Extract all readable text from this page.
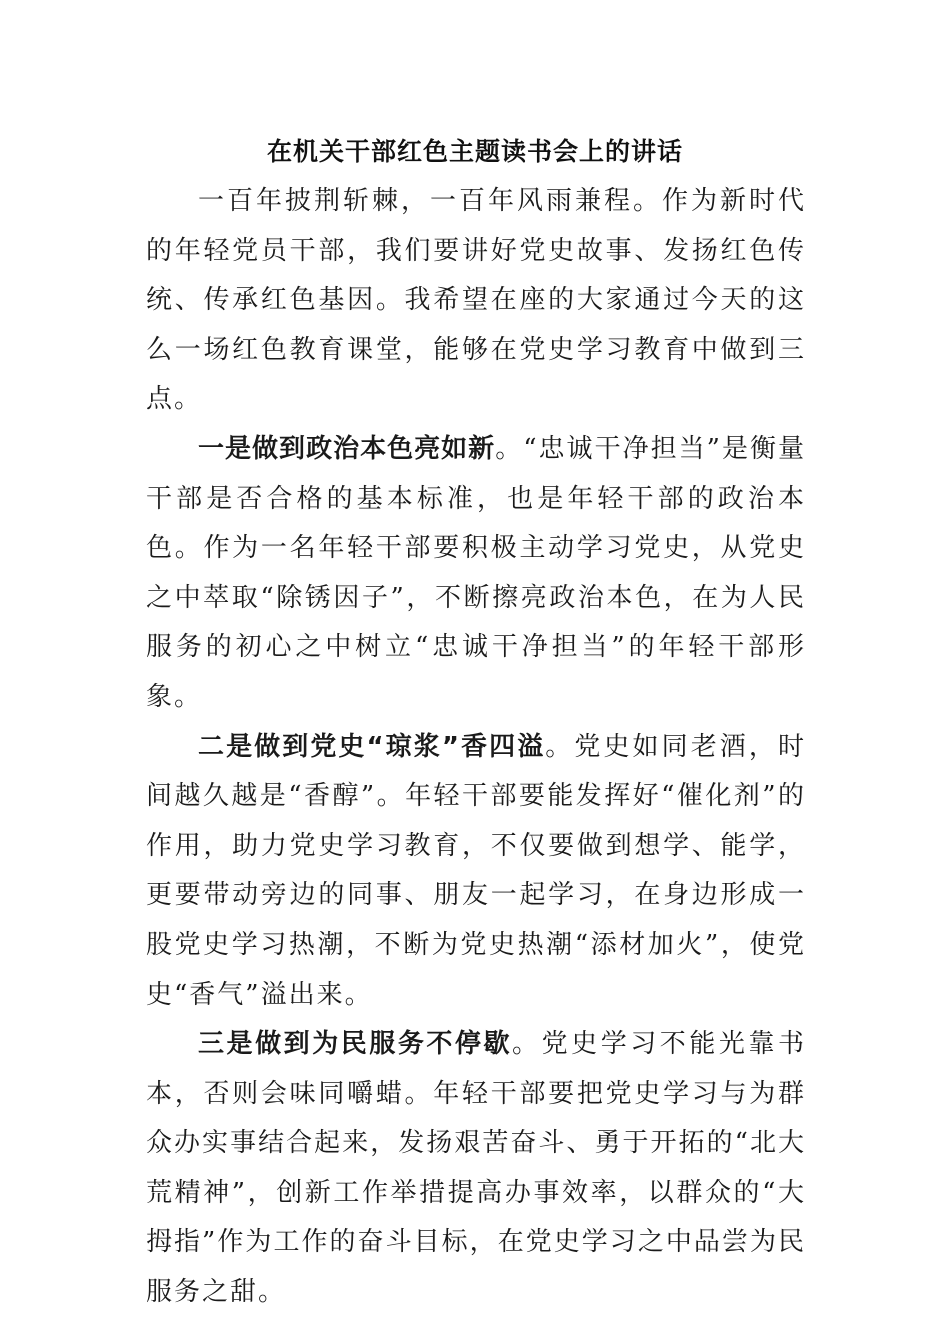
在机关干部红色主题读书会上的讲话

一百年披荆斩棘，一百年风雨兼程。作为新时代的年轻党员干部，我们要讲好党史故事、发扬红色传统、传承红色基因。我希望在座的大家通过今天的这么一场红色教育课堂，能够在党史学习教育中做到三点。

一是做到政治本色亮如新。“忠诚干净担当”是衡量干部是否合格的基本标准，也是年轻干部的政治本色。作为一名年轻干部要积极主动学习党史，从党史之中萃取“除锈因子”，不断擦亮政治本色，在为人民服务的初心之中树立“忠诚干净担当”的年轻干部形象。

二是做到党史“琼浆”香四溢。党史如同老酒，时间越久越是“香醇”。年轻干部要能发挥好“催化剂”的作用，助力党史学习教育，不仅要做到想学、能学，更要带动旁边的同事、朋友一起学习，在身边形成一股党史学习热潮，不断为党史热潮“添材加火”，使党史“香气”溢出来。

三是做到为民服务不停歇。党史学习不能光靠书本，否则会味同嚼蜡。年轻干部要把党史学习与为群众办实事结合起来，发扬艰苦奋斗、勇于开拓的“北大荒精神”，创新工作举措提高办事效率，以群众的“大拇指”作为工作的奋斗目标，在党史学习之中品尝为民服务之甜。
